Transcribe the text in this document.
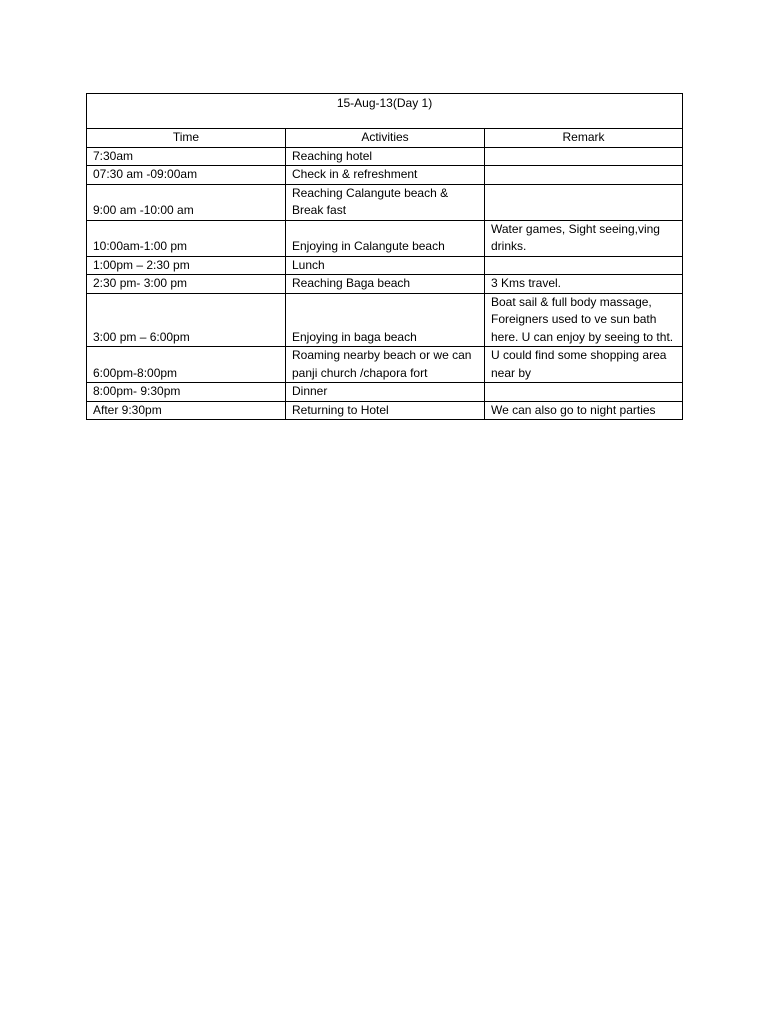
15-Aug-13(Day 1)		
Time	Activities	Remark
7:30am	Reaching hotel	
07:30 am -09:00am	Check in & refreshment	
9:00 am -10:00 am	Reaching Calangute beach & Break fast	
10:00am-1:00 pm	Enjoying in Calangute beach	Water games, Sight seeing,ving drinks.
1:00pm – 2:30 pm	Lunch	
2:30 pm- 3:00 pm	Reaching Baga beach	3 Kms travel.
3:00 pm – 6:00pm	Enjoying in baga beach	Boat sail & full body massage, Foreigners used to ve sun bath here. U can enjoy by seeing to tht.
6:00pm-8:00pm	Roaming nearby beach or we can panji church /chapora fort	U could find some shopping area near by
8:00pm- 9:30pm	Dinner	
After 9:30pm	Returning to Hotel	We can also go to night parties
